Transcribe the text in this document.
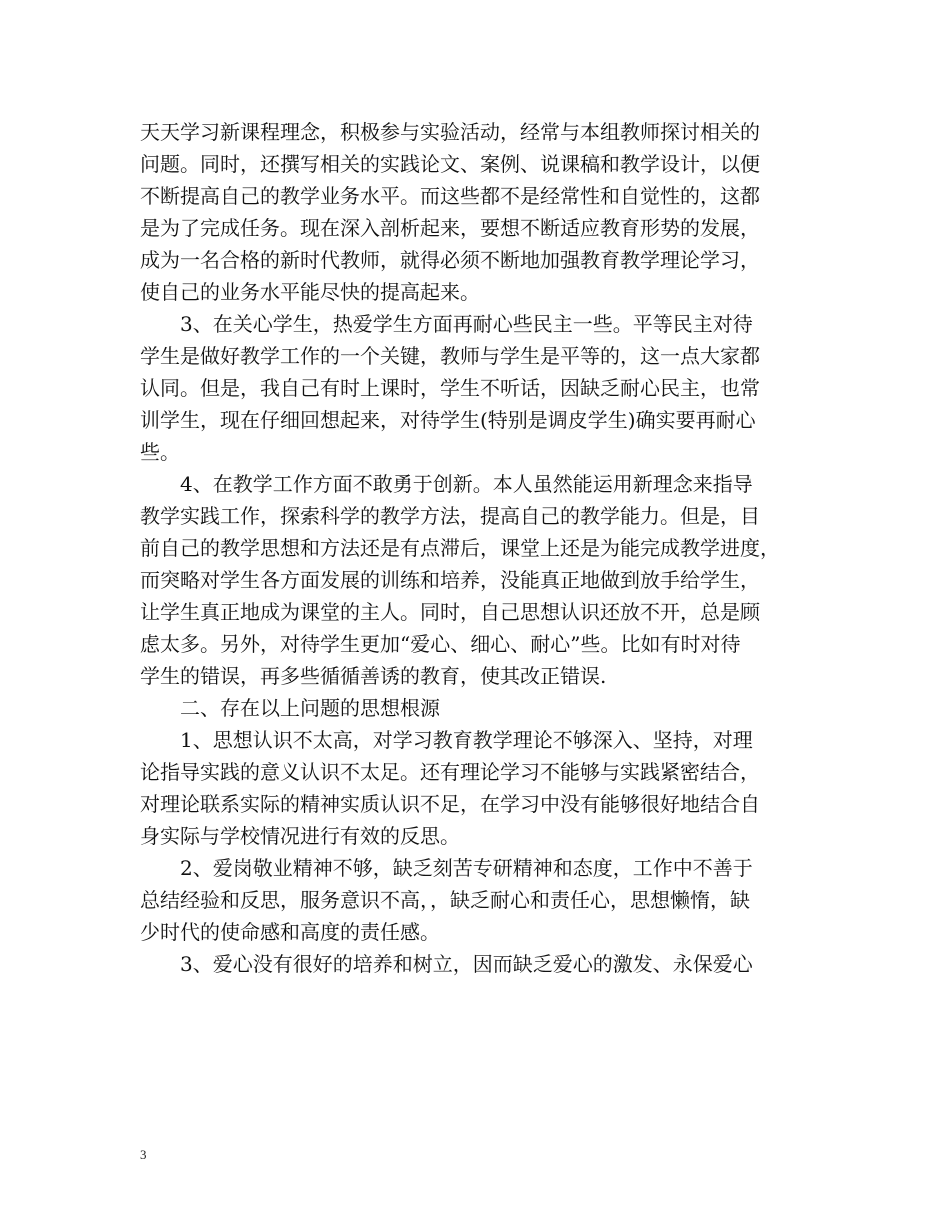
天天学习新课程理念，积极参与实验活动，经常与本组教师探讨相关的
问题。同时，还撰写相关的实践论文、案例、说课稿和教学设计，以便
不断提高自己的教学业务水平。而这些都不是经常性和自觉性的，这都
是为了完成任务。现在深入剖析起来，要想不断适应教育形势的发展，
成为一名合格的新时代教师，就得必须不断地加强教育教学理论学习，
使自己的业务水平能尽快的提高起来。
3、在关心学生，热爱学生方面再耐心些民主一些。平等民主对待
学生是做好教学工作的一个关键，教师与学生是平等的，这一点大家都
认同。但是，我自己有时上课时，学生不听话，因缺乏耐心民主，也常
训学生，现在仔细回想起来，对待学生(特别是调皮学生)确实要再耐心
些。
4、在教学工作方面不敢勇于创新。本人虽然能运用新理念来指导
教学实践工作，探索科学的教学方法，提高自己的教学能力。但是，目
前自己的教学思想和方法还是有点滞后，课堂上还是为能完成教学进度，
而突略对学生各方面发展的训练和培养，没能真正地做到放手给学生，
让学生真正地成为课堂的主人。同时，自己思想认识还放不开，总是顾
虑太多。另外，对待学生更加“爱心、细心、耐心”些。比如有时对待
学生的错误，再多些循循善诱的教育，使其改正错误.
二、存在以上问题的思想根源
1、思想认识不太高，对学习教育教学理论不够深入、坚持，对理
论指导实践的意义认识不太足。还有理论学习不能够与实践紧密结合，
对理论联系实际的精神实质认识不足，在学习中没有能够很好地结合自
身实际与学校情况进行有效的反思。
2、爱岗敬业精神不够，缺乏刻苦专研精神和态度，工作中不善于
总结经验和反思，服务意识不高，，缺乏耐心和责任心，思想懒惰，缺
少时代的使命感和高度的责任感。
3、爱心没有很好的培养和树立，因而缺乏爱心的激发、永保爱心
3
